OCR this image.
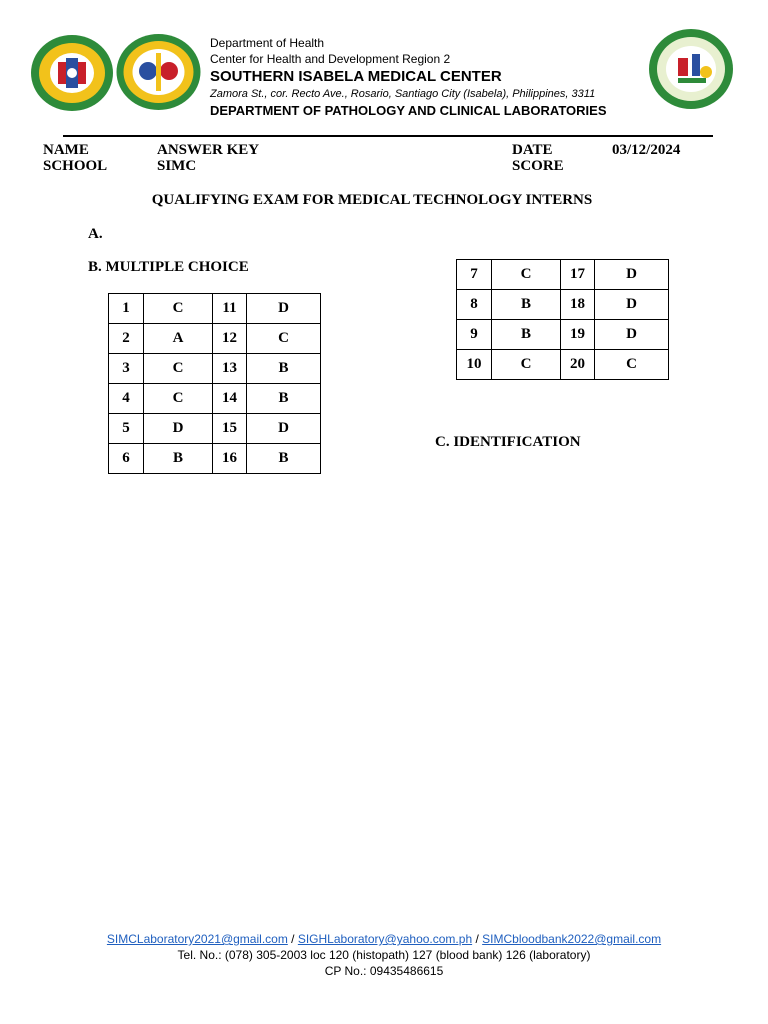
Department of Health
Center for Health and Development Region 2
SOUTHERN ISABELA MEDICAL CENTER
Zamora St., cor. Recto Ave., Rosario, Santiago City (Isabela), Philippines, 3311
DEPARTMENT OF PATHOLOGY AND CLINICAL LABORATORIES
NAME	ANSWER KEY
SCHOOL	SIMC
DATE	03/12/2024
SCORE
QUALIFYING EXAM FOR MEDICAL TECHNOLOGY INTERNS
A.
B. MULTIPLE CHOICE
C. IDENTIFICATION
1	C	11	D
2	A	12	C
3	C	13	B
4	C	14	B
5	D	15	D
6	B	16	B
7	C	17	D
8	B	18	D
9	B	19	D
10	C	20	C
SIMCLaboratory2021@gmail.com / SIGHLaboratory@yahoo.com.ph / SIMCbloodbank2022@gmail.com
Tel. No.: (078) 305-2003 loc 120 (histopath) 127 (blood bank) 126 (laboratory)
CP No.: 09435486615
